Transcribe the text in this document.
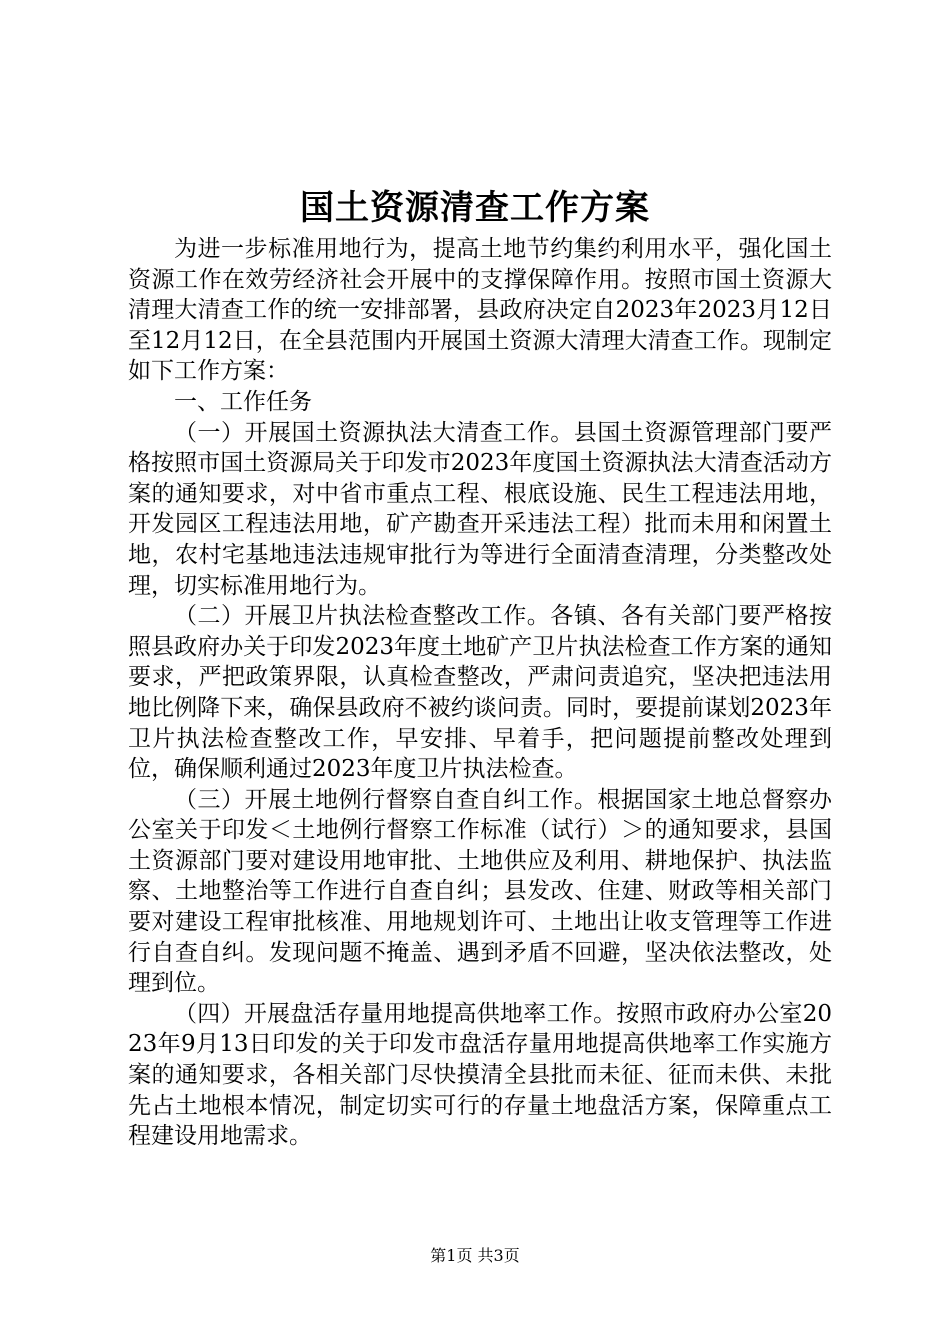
国土资源清查工作方案

为进一步标准用地行为，提高土地节约集约利用水平，强化国土资源工作在效劳经济社会开展中的支撑保障作用。按照市国土资源大清理大清查工作的统一安排部署，县政府决定自2023年2023月12日至12月12日，在全县范围内开展国土资源大清理大清查工作。现制定如下工作方案：

一、工作任务

（一）开展国土资源执法大清查工作。县国土资源管理部门要严格按照市国土资源局关于印发市2023年度国土资源执法大清查活动方案的通知要求，对中省市重点工程、根底设施、民生工程违法用地，开发园区工程违法用地，矿产勘查开采违法工程）批而未用和闲置土地，农村宅基地违法违规审批行为等进行全面清查清理，分类整改处理，切实标准用地行为。

（二）开展卫片执法检查整改工作。各镇、各有关部门要严格按照县政府办关于印发2023年度土地矿产卫片执法检查工作方案的通知要求，严把政策界限，认真检查整改，严肃问责追究，坚决把违法用地比例降下来，确保县政府不被约谈问责。同时，要提前谋划2023年卫片执法检查整改工作，早安排、早着手，把问题提前整改处理到位，确保顺利通过2023年度卫片执法检查。

（三）开展土地例行督察自查自纠工作。根据国家土地总督察办公室关于印发＜土地例行督察工作标准（试行）＞的通知要求，县国土资源部门要对建设用地审批、土地供应及利用、耕地保护、执法监察、土地整治等工作进行自查自纠；县发改、住建、财政等相关部门要对建设工程审批核准、用地规划许可、土地出让收支管理等工作进行自查自纠。发现问题不掩盖、遇到矛盾不回避，坚决依法整改，处理到位。

（四）开展盘活存量用地提高供地率工作。按照市政府办公室2023年9月13日印发的关于印发市盘活存量用地提高供地率工作实施方案的通知要求，各相关部门尽快摸清全县批而未征、征而未供、未批先占土地根本情况，制定切实可行的存量土地盘活方案，保障重点工程建设用地需求。

第1页 共3页
